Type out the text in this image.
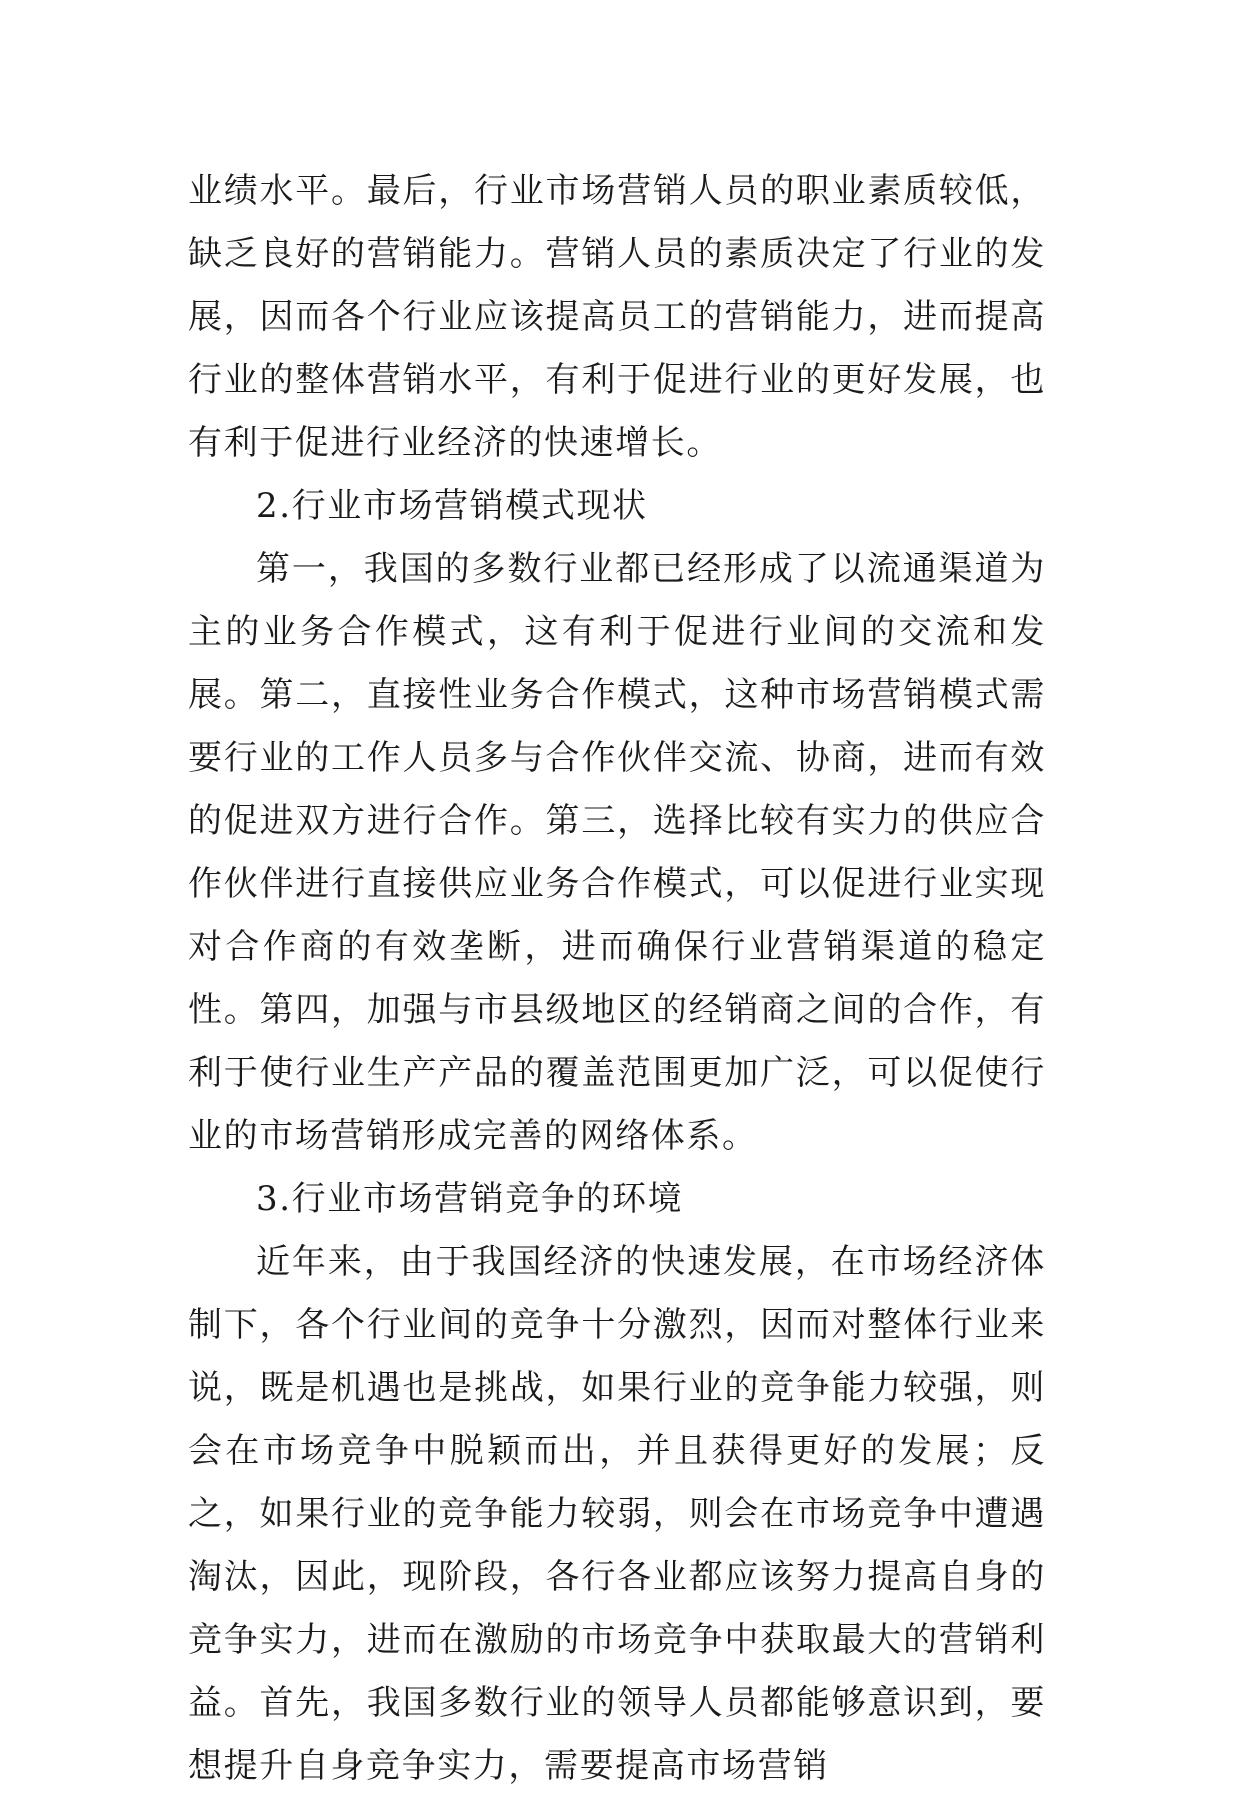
业绩水平。最后，行业市场营销人员的职业素质较低，缺乏良好的营销能力。营销人员的素质决定了行业的发展，因而各个行业应该提高员工的营销能力，进而提高行业的整体营销水平，有利于促进行业的更好发展，也有利于促进行业经济的快速增长。

2.行业市场营销模式现状

第一，我国的多数行业都已经形成了以流通渠道为主的业务合作模式，这有利于促进行业间的交流和发展。第二，直接性业务合作模式，这种市场营销模式需要行业的工作人员多与合作伙伴交流、协商，进而有效的促进双方进行合作。第三，选择比较有实力的供应合作伙伴进行直接供应业务合作模式，可以促进行业实现对合作商的有效垄断，进而确保行业营销渠道的稳定性。第四，加强与市县级地区的经销商之间的合作，有利于使行业生产产品的覆盖范围更加广泛，可以促使行业的市场营销形成完善的网络体系。

3.行业市场营销竞争的环境

近年来，由于我国经济的快速发展，在市场经济体制下，各个行业间的竞争十分激烈，因而对整体行业来说，既是机遇也是挑战，如果行业的竞争能力较强，则会在市场竞争中脱颖而出，并且获得更好的发展；反之，如果行业的竞争能力较弱，则会在市场竞争中遭遇淘汰，因此，现阶段，各行各业都应该努力提高自身的竞争实力，进而在激励的市场竞争中获取最大的营销利益。首先，我国多数行业的领导人员都能够意识到，要想提升自身竞争实力，需要提高市场营销
